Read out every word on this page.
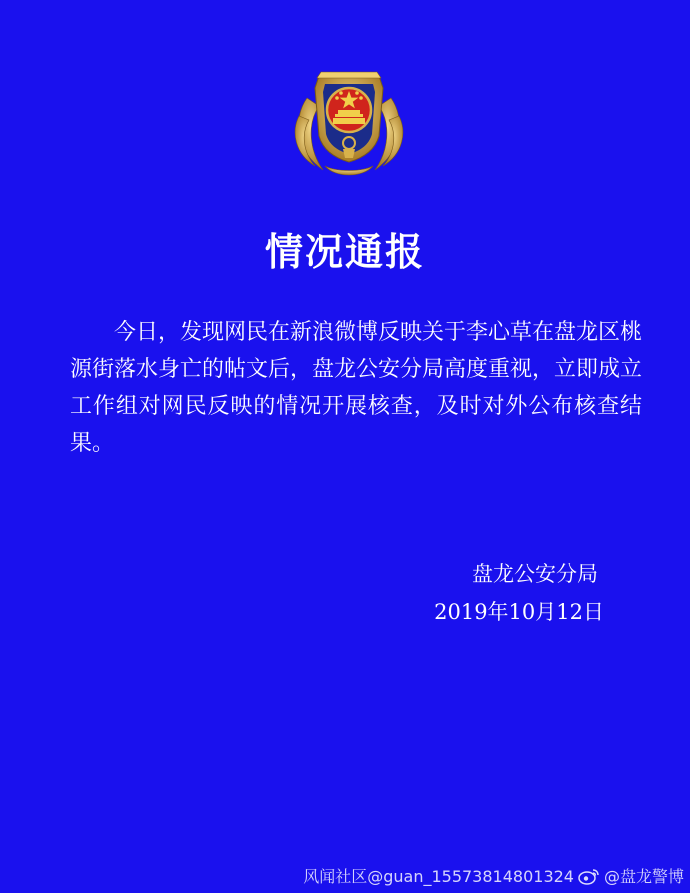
情况通报

今日，发现网民在新浪微博反映关于李心草在盘龙区桃源街落水身亡的帖文后，盘龙公安分局高度重视，立即成立工作组对网民反映的情况开展核查，及时对外公布核查结果。

盘龙公安分局
2019年10月12日
风闻社区@guan_15573814801324 @盘龙警博
